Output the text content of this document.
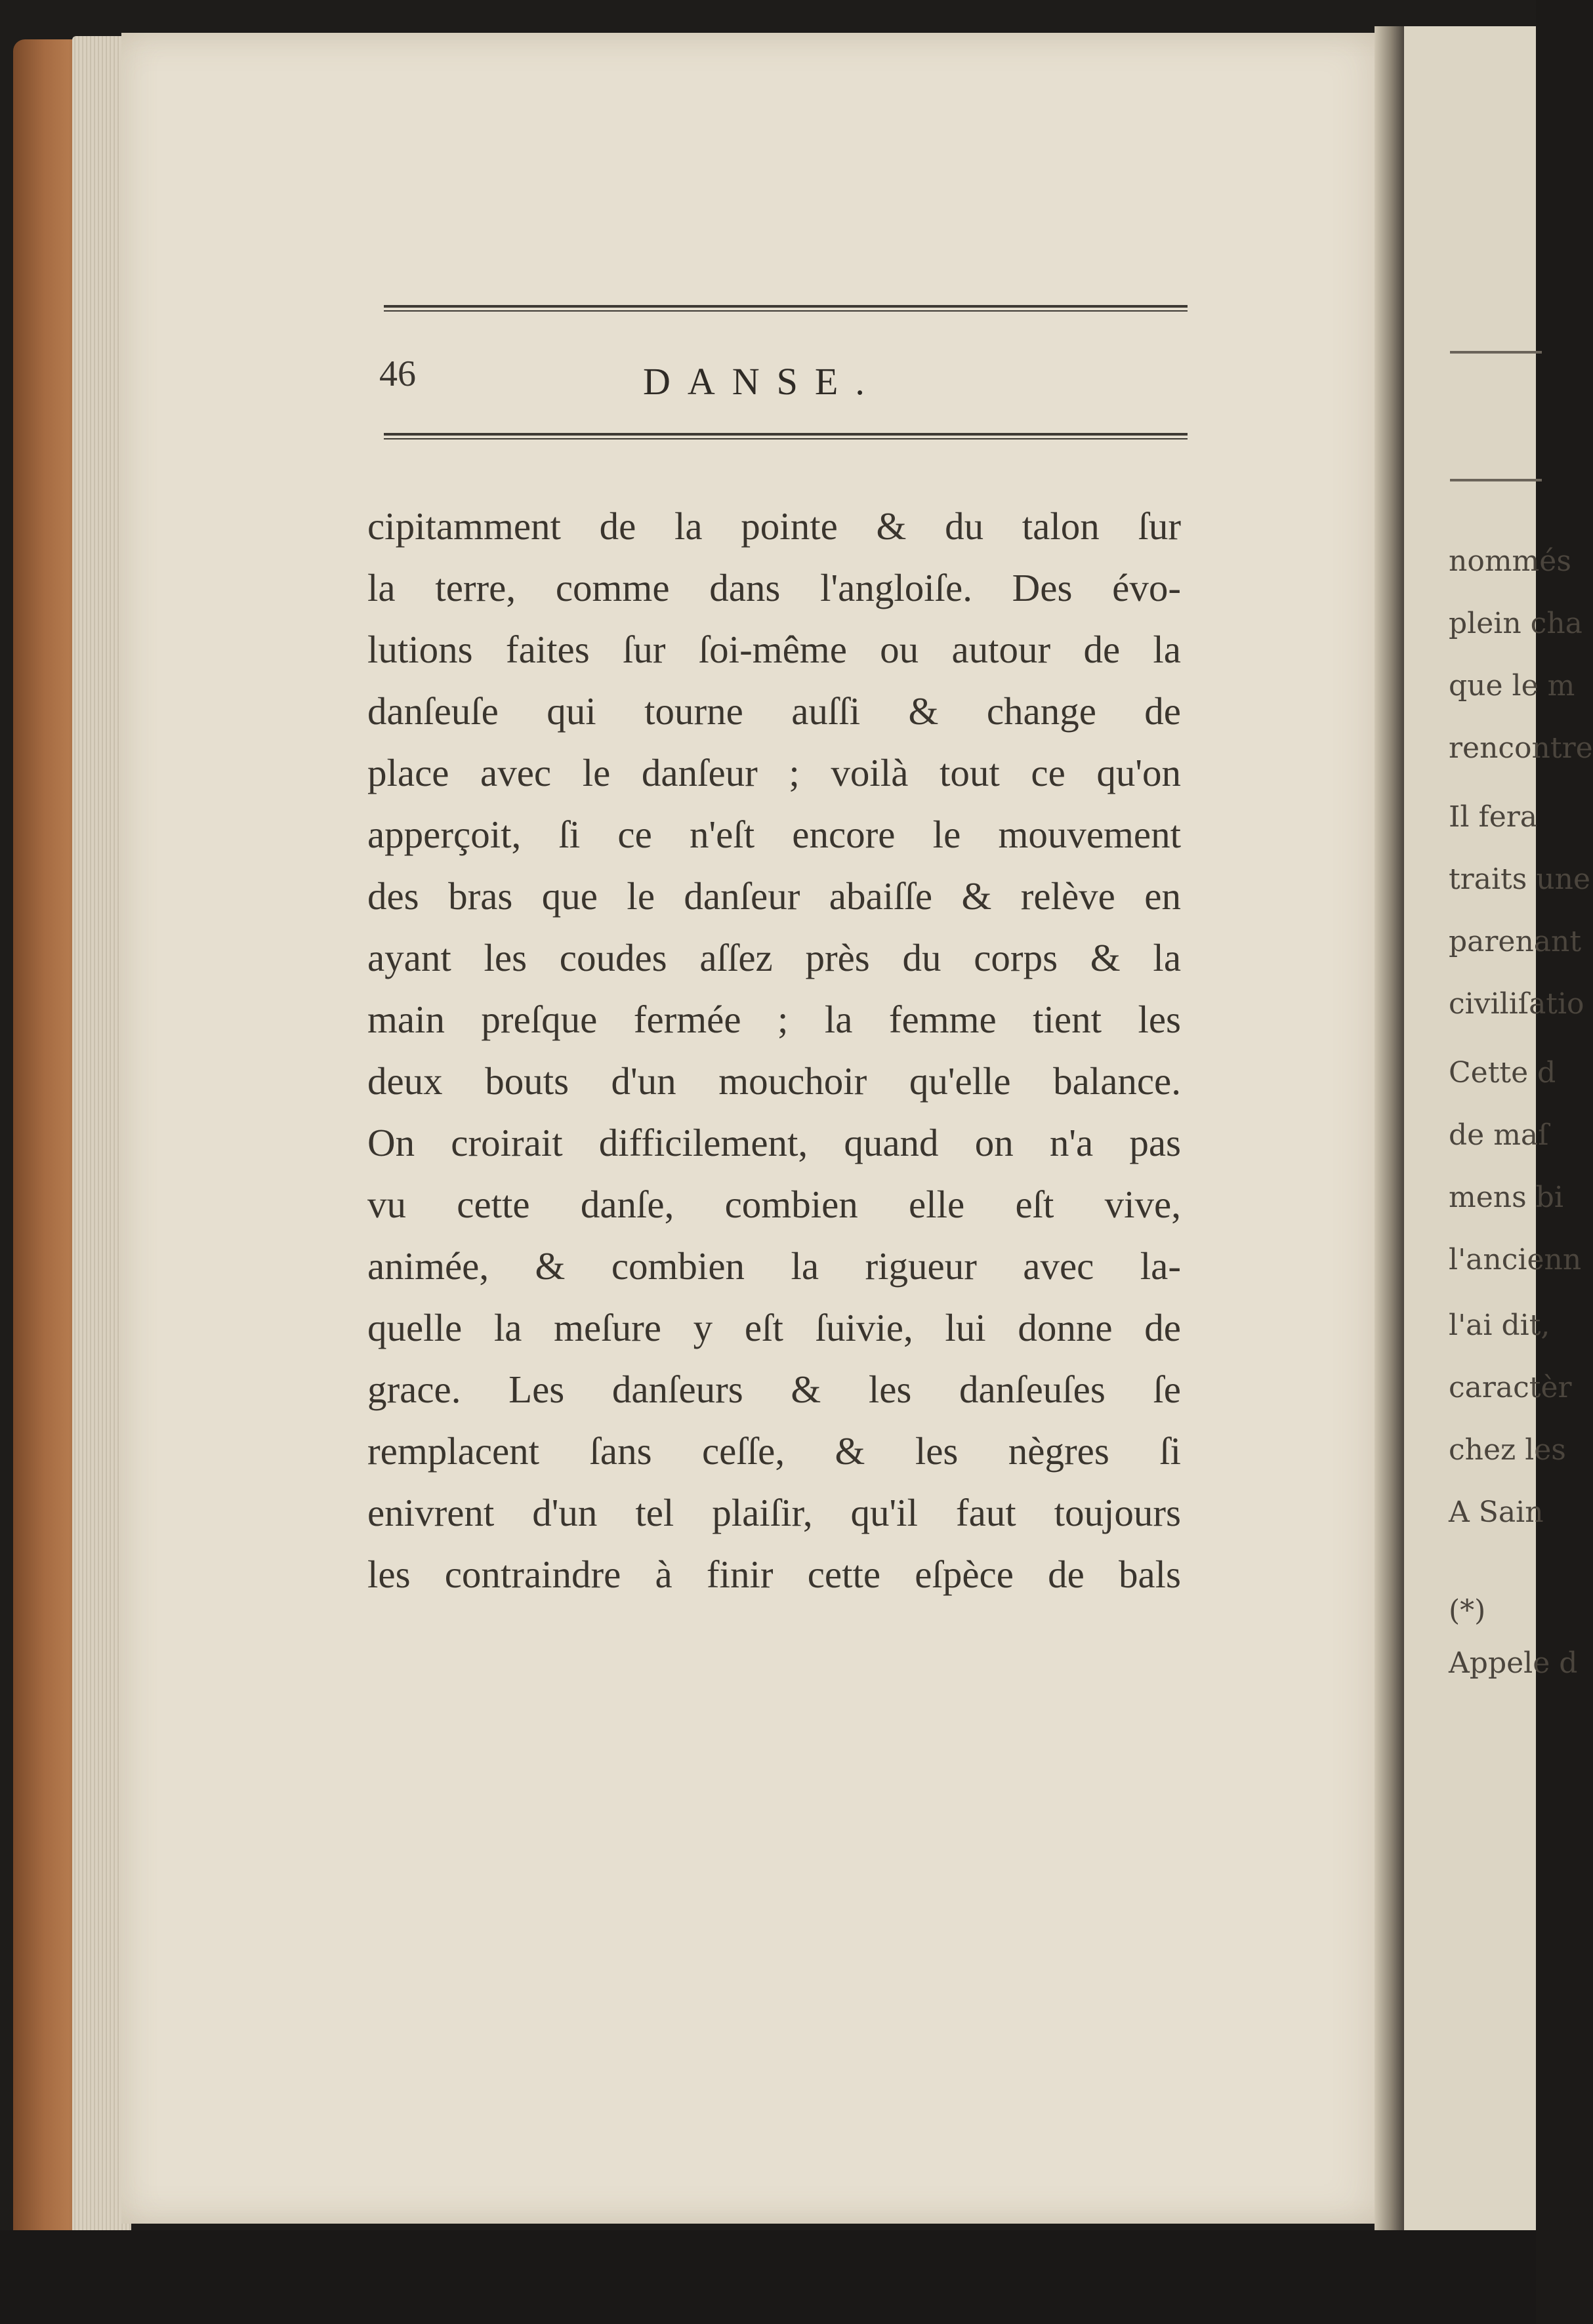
nommés
plein cha
que le m
rencontre
Il fera
traits une
parenant
civiliſatio
Cette d
de maſ
mens bi
l'ancienn
l'ai dit,
caractèr
chez les
A Sain
(*)
Appele d
46	DANSE.
cipitamment de la pointe & du talon ſur
la terre, comme dans l'angloiſe. Des évo-
lutions faites ſur ſoi-même ou autour de la
danſeuſe qui tourne auſſi & change de
place avec le danſeur ; voilà tout ce qu'on
apperçoit, ſi ce n'eſt encore le mouvement
des bras que le danſeur abaiſſe & relève en
ayant les coudes aſſez près du corps & la
main preſque fermée ; la femme tient les
deux bouts d'un mouchoir qu'elle balance.
On croirait difficilement, quand on n'a pas
vu cette danſe, combien elle eſt vive,
animée, & combien la rigueur avec la-
quelle la meſure y eſt ſuivie, lui donne de
grace. Les danſeurs & les danſeuſes ſe
remplacent ſans ceſſe, & les nègres ſi
enivrent d'un tel plaiſir, qu'il faut toujours
les contraindre à finir cette eſpèce de bals
